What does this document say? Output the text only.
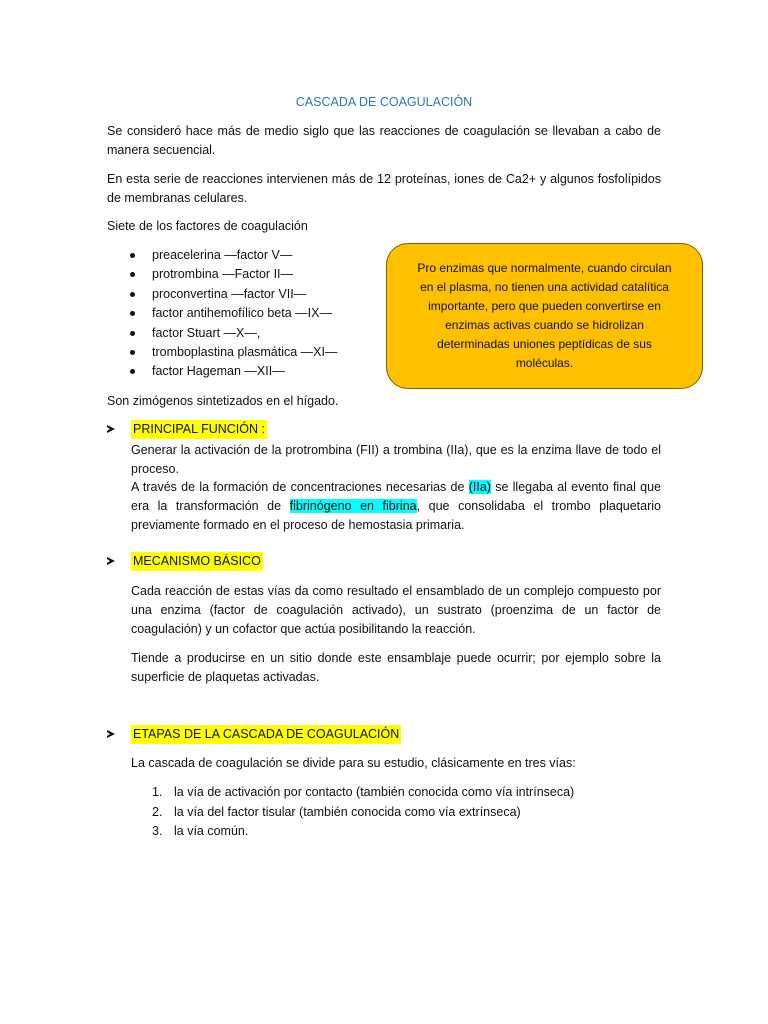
CASCADA DE COAGULACIÓN
Se consideró hace más de medio siglo que las reacciones de coagulación se llevaban a cabo de manera secuencial.
En esta serie de reacciones intervienen más de 12 proteínas, iones de Ca2+ y algunos fosfolípidos de membranas celulares.
Siete de los factores de coagulación
preacelerina —factor V—
protrombina —Factor II—
proconvertina —factor VII—
factor antihemofílico beta —IX—
factor Stuart —X—,
tromboplastina plasmática —XI—
factor Hageman —XII—
Pro enzimas que normalmente, cuando circulan en el plasma, no tienen una actividad catalítica importante, pero que pueden convertirse en enzimas activas cuando se hidrolizan determinadas uniones peptídicas de sus moléculas.
Son zimógenos sintetizados en el hígado.
PRINCIPAL FUNCIÓN :
Generar la activación de la protrombina (FII) a trombina (IIa), que es la enzima llave de todo el proceso.
A través de la formación de concentraciones necesarias de (IIa) se llegaba al evento final que era la transformación de fibrinógeno en fibrina, que consolidaba el trombo plaquetario previamente formado en el proceso de hemostasia primaria.
MECANISMO BÁSICO
Cada reacción de estas vías da como resultado el ensamblado de un complejo compuesto por una enzima (factor de coagulación activado), un sustrato (proenzima de un factor de coagulación) y un cofactor que actúa posibilitando la reacción.
Tiende a producirse en un sitio donde este ensamblaje puede ocurrir; por ejemplo sobre la superficie de plaquetas activadas.
ETAPAS DE LA CASCADA DE COAGULACIÓN
La cascada de coagulación se divide para su estudio, clásicamente en tres vías:
1. la vía de activación por contacto (también conocida como vía intrínseca)
2. la vía del factor tisular (también conocida como vía extrínseca)
3. la vía común.
